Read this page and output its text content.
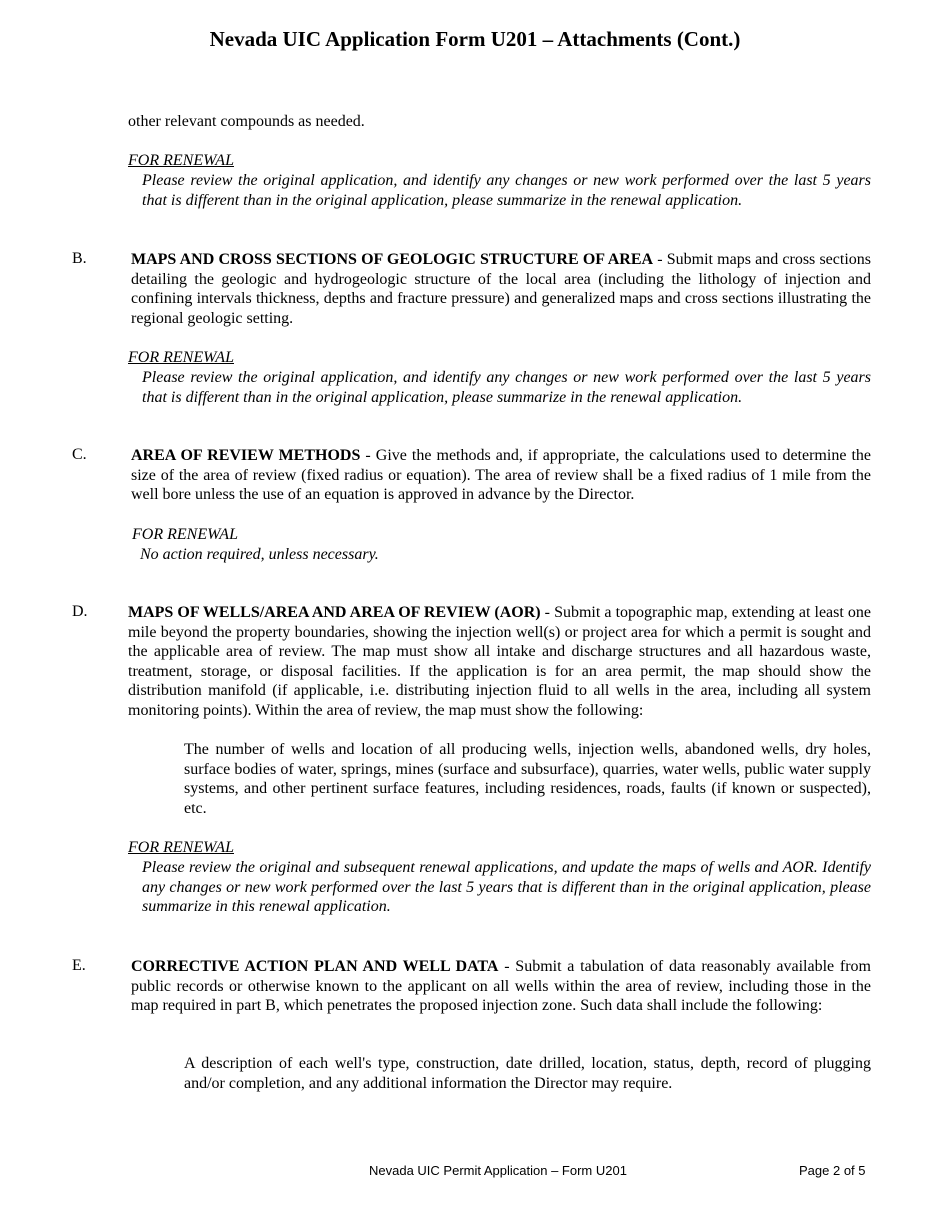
Nevada UIC Application Form U201 – Attachments (Cont.)
other relevant compounds as needed.
FOR RENEWAL
Please review the original application, and identify any changes or new work performed over the last 5 years that is different than in the original application, please summarize in the renewal application.
B.	MAPS AND CROSS SECTIONS OF GEOLOGIC STRUCTURE OF AREA - Submit maps and cross sections detailing the geologic and hydrogeologic structure of the local area (including the lithology of injection and confining intervals thickness, depths and fracture pressure) and generalized maps and cross sections illustrating the regional geologic setting.
FOR RENEWAL
Please review the original application, and identify any changes or new work performed over the last 5 years that is different than in the original application, please summarize in the renewal application.
C.	AREA OF REVIEW METHODS - Give the methods and, if appropriate, the calculations used to determine the size of the area of review (fixed radius or equation). The area of review shall be a fixed radius of 1 mile from the well bore unless the use of an equation is approved in advance by the Director.
FOR RENEWAL
No action required, unless necessary.
D.	MAPS OF WELLS/AREA AND AREA OF REVIEW (AOR) - Submit a topographic map, extending at least one mile beyond the property boundaries, showing the injection well(s) or project area for which a permit is sought and the applicable area of review. The map must show all intake and discharge structures and all hazardous waste, treatment, storage, or disposal facilities. If the application is for an area permit, the map should show the distribution manifold (if applicable, i.e. distributing injection fluid to all wells in the area, including all system monitoring points). Within the area of review, the map must show the following:
The number of wells and location of all producing wells, injection wells, abandoned wells, dry holes, surface bodies of water, springs, mines (surface and subsurface), quarries, water wells, public water supply systems, and other pertinent surface features, including residences, roads, faults (if known or suspected), etc.
FOR RENEWAL
Please review the original and subsequent renewal applications, and update the maps of wells and AOR. Identify any changes or new work performed over the last 5 years that is different than in the original application, please summarize in this renewal application.
E.	CORRECTIVE ACTION PLAN AND WELL DATA - Submit a tabulation of data reasonably available from public records or otherwise known to the applicant on all wells within the area of review, including those in the map required in part B, which penetrates the proposed injection zone. Such data shall include the following:
A description of each well's type, construction, date drilled, location, status, depth, record of plugging and/or completion, and any additional information the Director may require.
Nevada UIC Permit Application – Form U201	Page 2 of 5
